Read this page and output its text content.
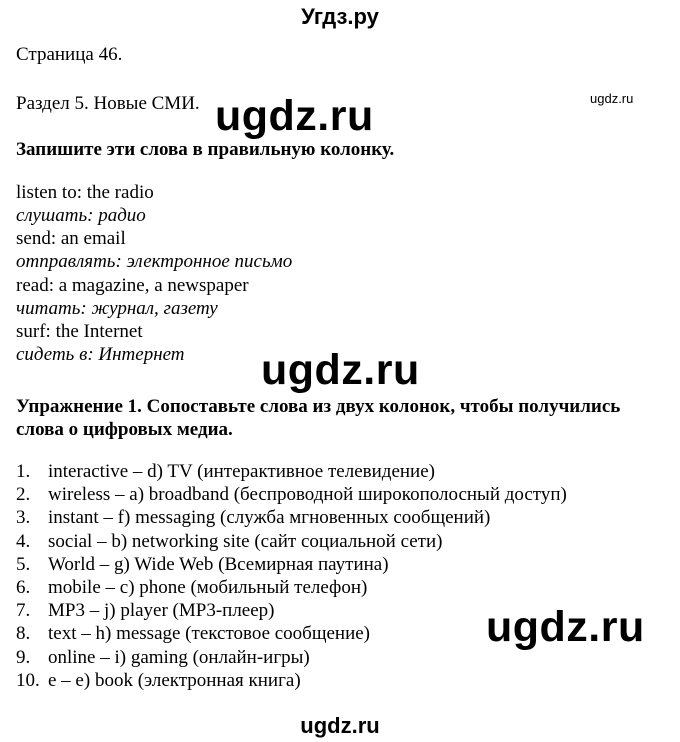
Угдз.ру
Страница 46.
Раздел 5. Новые СМИ. ugdz.ru	ugdz.ru
ugdz.ru
ugdz.ru
Запишите эти слова в правильную колонку.
listen to: the radio
слушать: радио
send: an email
отправлять: электронное письмо
read: a magazine, a newspaper
читать: журнал, газету
surf: the Internet
сидеть в: Интернет
Упражнение 1. Сопоставьте слова из двух колонок, чтобы получились
слова о цифровых медиа.
1. interactive – d) TV (интерактивное телевидение)
2. wireless – a) broadband (беспроводной широкополосный доступ)
3. instant – f) messaging (служба мгновенных сообщений)
4. social – b) networking site (сайт социальной сети)
5. World – g) Wide Web (Всемирная паутина)
6. mobile – c) phone (мобильный телефон)
7. MP3 – j) player (MP3-плеер)
8. text – h) message (текстовое сообщение)
9. online – i) gaming (онлайн-игры)
10. e – e) book (электронная книга)
ugdz.ru
